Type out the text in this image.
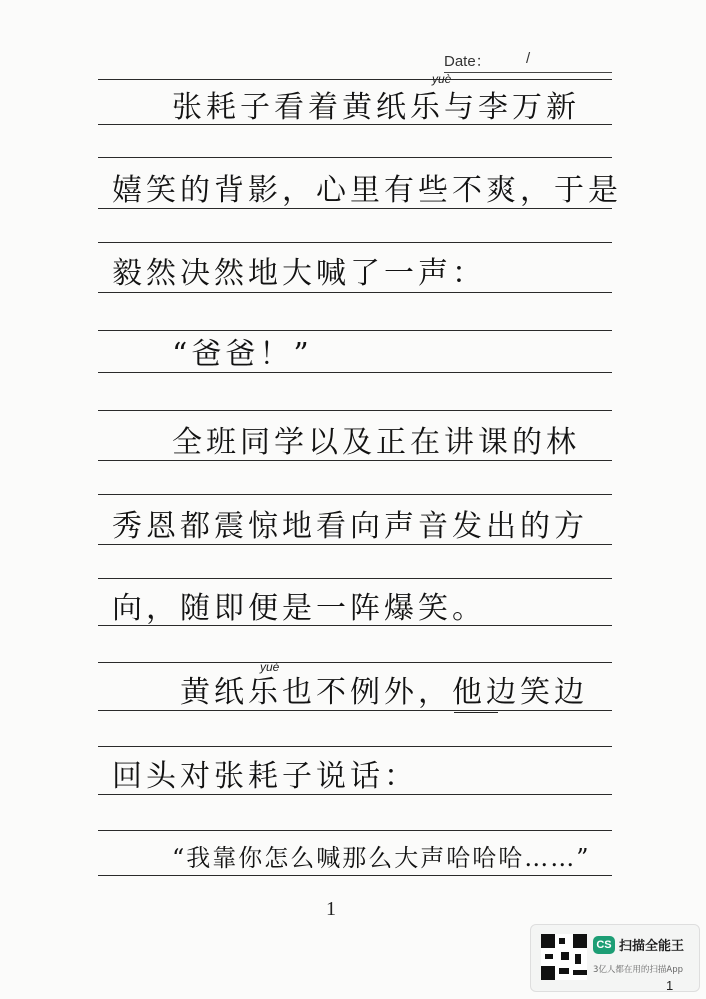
Date： /
张耗子看着黄纸乐与李万新
yuè
嬉笑的背影，心里有些不爽，于是
毅然决然地大喊了一声：
“爸爸！”
全班同学以及正在讲课的林
秀恩都震惊地看向声音发出的方
向，随即便是一阵爆笑。
黄纸乐也不例外，他边笑边
yuè
回头对张耗子说话：
“我靠你怎么喊那么大声哈哈哈……”
1
CS 扫描全能王
3亿人都在用的扫描App
1
